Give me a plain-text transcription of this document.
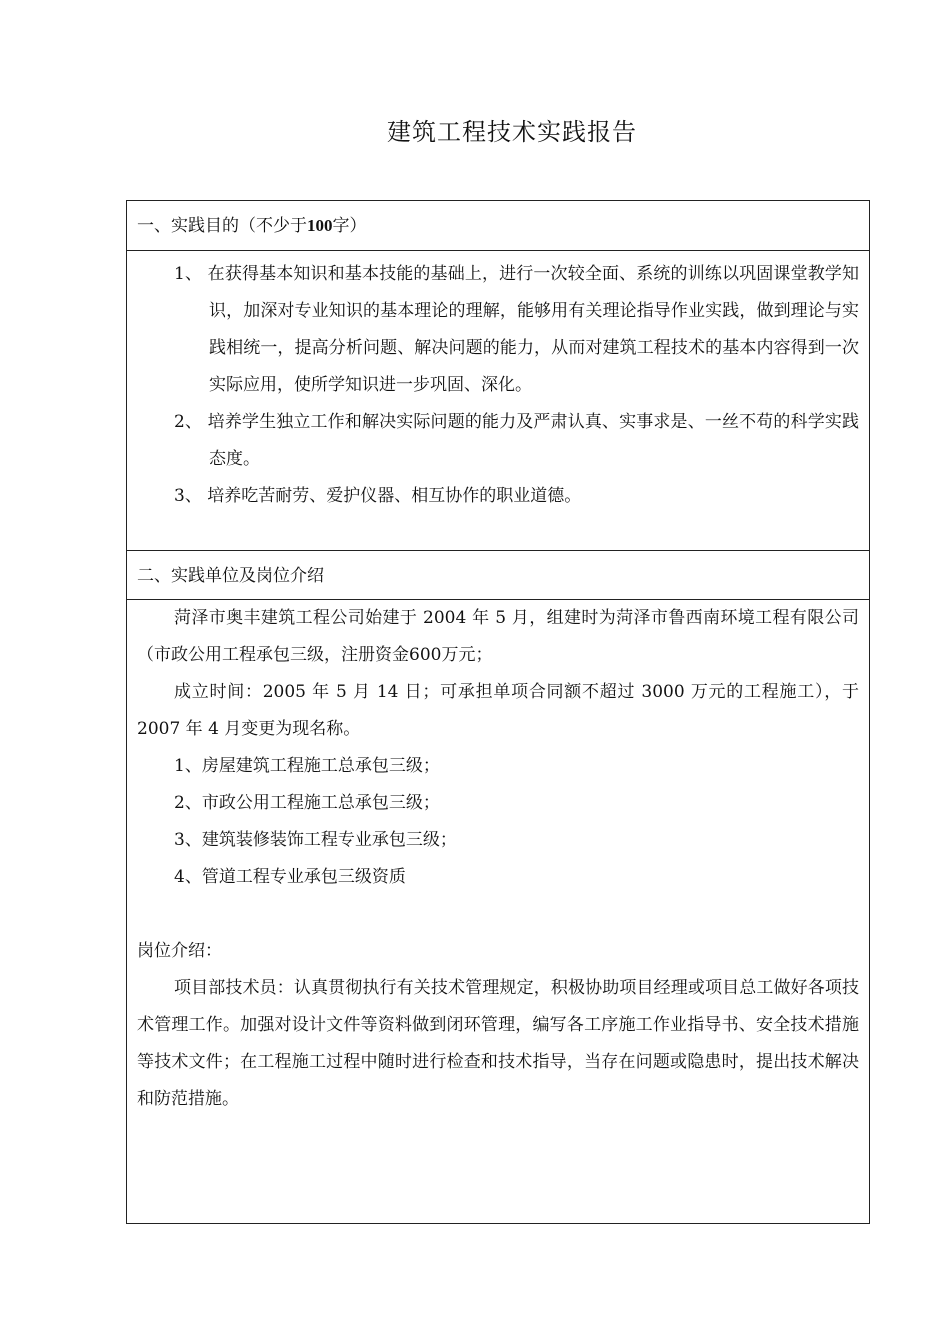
建筑工程技术实践报告
一、实践目的（不少于100字）

1、 在获得基本知识和基本技能的基础上，进行一次较全面、系统的训练以巩固课堂教学知识，加深对专业知识的基本理论的理解，能够用有关理论指导作业实践，做到理论与实践相统一，提高分析问题、解决问题的能力，从而对建筑工程技术的基本内容得到一次实际应用，使所学知识进一步巩固、深化。

2、 培养学生独立工作和解决实际问题的能力及严肃认真、实事求是、一丝不苟的科学实践态度。

3、 培养吃苦耐劳、爱护仪器、相互协作的职业道德。

二、实践单位及岗位介绍

菏泽市奥丰建筑工程公司始建于 2004 年 5 月，组建时为菏泽市鲁西南环境工程有限公司（市政公用工程承包三级，注册资金600万元；

成立时间：2005 年 5 月 14 日；可承担单项合同额不超过 3000 万元的工程施工），于 2007 年 4 月变更为现名称。

1、房屋建筑工程施工总承包三级；

2、市政公用工程施工总承包三级；

3、建筑装修装饰工程专业承包三级；

4、管道工程专业承包三级资质

岗位介绍：

项目部技术员：认真贯彻执行有关技术管理规定，积极协助项目经理或项目总工做好各项技术管理工作。加强对设计文件等资料做到闭环管理，编写各工序施工作业指导书、安全技术措施等技术文件；在工程施工过程中随时进行检查和技术指导，当存在问题或隐患时，提出技术解决和防范措施。
